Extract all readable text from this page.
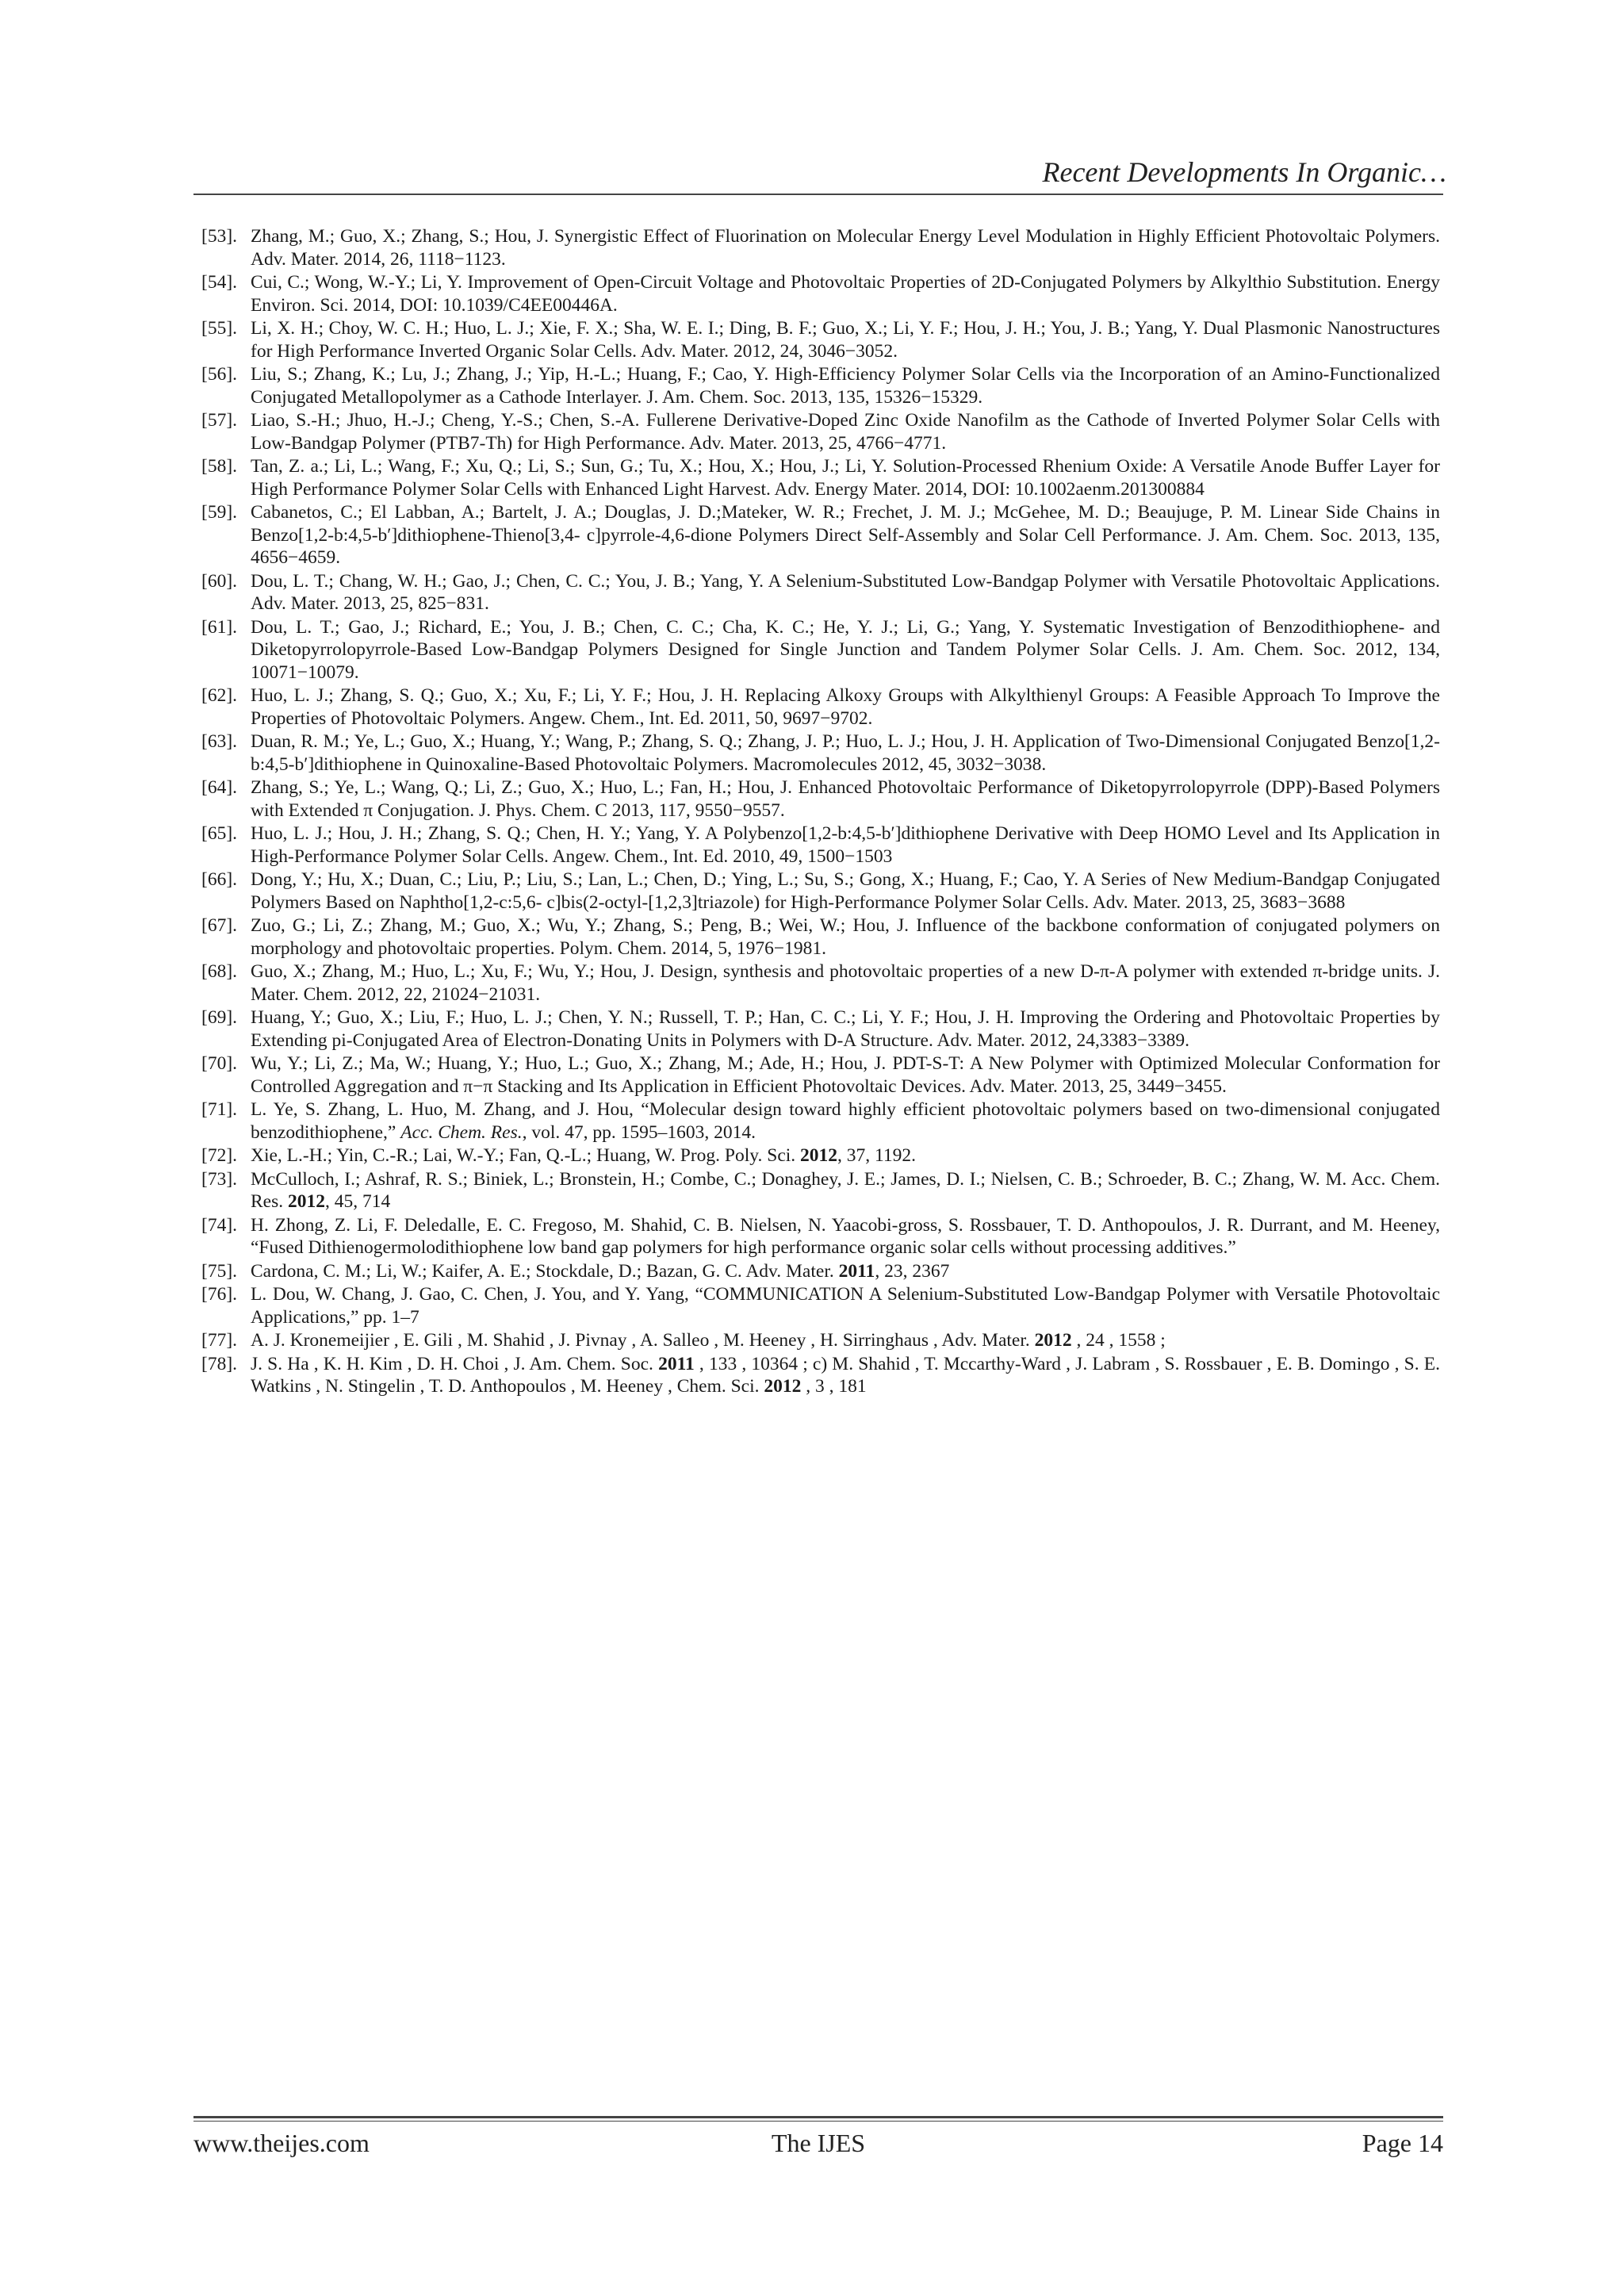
Recent Developments In Organic…
[53]. Zhang, M.; Guo, X.; Zhang, S.; Hou, J. Synergistic Effect of Fluorination on Molecular Energy Level Modulation in Highly Efficient Photovoltaic Polymers. Adv. Mater. 2014, 26, 1118−1123.
[54]. Cui, C.; Wong, W.-Y.; Li, Y. Improvement of Open-Circuit Voltage and Photovoltaic Properties of 2D-Conjugated Polymers by Alkylthio Substitution. Energy Environ. Sci. 2014, DOI: 10.1039/C4EE00446A.
[55]. Li, X. H.; Choy, W. C. H.; Huo, L. J.; Xie, F. X.; Sha, W. E. I.; Ding, B. F.; Guo, X.; Li, Y. F.; Hou, J. H.; You, J. B.; Yang, Y. Dual Plasmonic Nanostructures for High Performance Inverted Organic Solar Cells. Adv. Mater. 2012, 24, 3046−3052.
[56]. Liu, S.; Zhang, K.; Lu, J.; Zhang, J.; Yip, H.-L.; Huang, F.; Cao, Y. High-Efficiency Polymer Solar Cells via the Incorporation of an Amino-Functionalized Conjugated Metallopolymer as a Cathode Interlayer. J. Am. Chem. Soc. 2013, 135, 15326−15329.
[57]. Liao, S.-H.; Jhuo, H.-J.; Cheng, Y.-S.; Chen, S.-A. Fullerene Derivative-Doped Zinc Oxide Nanofilm as the Cathode of Inverted Polymer Solar Cells with Low-Bandgap Polymer (PTB7-Th) for High Performance. Adv. Mater. 2013, 25, 4766−4771.
[58]. Tan, Z. a.; Li, L.; Wang, F.; Xu, Q.; Li, S.; Sun, G.; Tu, X.; Hou, X.; Hou, J.; Li, Y. Solution-Processed Rhenium Oxide: A Versatile Anode Buffer Layer for High Performance Polymer Solar Cells with Enhanced Light Harvest. Adv. Energy Mater. 2014, DOI: 10.1002aenm.201300884
[59]. Cabanetos, C.; El Labban, A.; Bartelt, J. A.; Douglas, J. D.;Mateker, W. R.; Frechet, J. M. J.; McGehee, M. D.; Beaujuge, P. M. Linear Side Chains in Benzo[1,2-b:4,5-b′]dithiophene-Thieno[3,4- c]pyrrole-4,6-dione Polymers Direct Self-Assembly and Solar Cell Performance. J. Am. Chem. Soc. 2013, 135, 4656−4659.
[60]. Dou, L. T.; Chang, W. H.; Gao, J.; Chen, C. C.; You, J. B.; Yang, Y. A Selenium-Substituted Low-Bandgap Polymer with Versatile Photovoltaic Applications. Adv. Mater. 2013, 25, 825−831.
[61]. Dou, L. T.; Gao, J.; Richard, E.; You, J. B.; Chen, C. C.; Cha, K. C.; He, Y. J.; Li, G.; Yang, Y. Systematic Investigation of Benzodithiophene- and Diketopyrrolopyrrole-Based Low-Bandgap Polymers Designed for Single Junction and Tandem Polymer Solar Cells. J. Am. Chem. Soc. 2012, 134, 10071−10079.
[62]. Huo, L. J.; Zhang, S. Q.; Guo, X.; Xu, F.; Li, Y. F.; Hou, J. H. Replacing Alkoxy Groups with Alkylthienyl Groups: A Feasible Approach To Improve the Properties of Photovoltaic Polymers. Angew. Chem., Int. Ed. 2011, 50, 9697−9702.
[63]. Duan, R. M.; Ye, L.; Guo, X.; Huang, Y.; Wang, P.; Zhang, S. Q.; Zhang, J. P.; Huo, L. J.; Hou, J. H. Application of Two-Dimensional Conjugated Benzo[1,2-b:4,5-b′]dithiophene in Quinoxaline-Based Photovoltaic Polymers. Macromolecules 2012, 45, 3032−3038.
[64]. Zhang, S.; Ye, L.; Wang, Q.; Li, Z.; Guo, X.; Huo, L.; Fan, H.; Hou, J. Enhanced Photovoltaic Performance of Diketopyrrolopyrrole (DPP)-Based Polymers with Extended π Conjugation. J. Phys. Chem. C 2013, 117, 9550−9557.
[65]. Huo, L. J.; Hou, J. H.; Zhang, S. Q.; Chen, H. Y.; Yang, Y. A Polybenzo[1,2-b:4,5-b′]dithiophene Derivative with Deep HOMO Level and Its Application in High-Performance Polymer Solar Cells. Angew. Chem., Int. Ed. 2010, 49, 1500−1503
[66]. Dong, Y.; Hu, X.; Duan, C.; Liu, P.; Liu, S.; Lan, L.; Chen, D.; Ying, L.; Su, S.; Gong, X.; Huang, F.; Cao, Y. A Series of New Medium-Bandgap Conjugated Polymers Based on Naphtho[1,2-c:5,6- c]bis(2-octyl-[1,2,3]triazole) for High-Performance Polymer Solar Cells. Adv. Mater. 2013, 25, 3683−3688
[67]. Zuo, G.; Li, Z.; Zhang, M.; Guo, X.; Wu, Y.; Zhang, S.; Peng, B.; Wei, W.; Hou, J. Influence of the backbone conformation of conjugated polymers on morphology and photovoltaic properties. Polym. Chem. 2014, 5, 1976−1981.
[68]. Guo, X.; Zhang, M.; Huo, L.; Xu, F.; Wu, Y.; Hou, J. Design, synthesis and photovoltaic properties of a new D-π-A polymer with extended π-bridge units. J. Mater. Chem. 2012, 22, 21024−21031.
[69]. Huang, Y.; Guo, X.; Liu, F.; Huo, L. J.; Chen, Y. N.; Russell, T. P.; Han, C. C.; Li, Y. F.; Hou, J. H. Improving the Ordering and Photovoltaic Properties by Extending pi-Conjugated Area of Electron-Donating Units in Polymers with D-A Structure. Adv. Mater. 2012, 24,3383−3389.
[70]. Wu, Y.; Li, Z.; Ma, W.; Huang, Y.; Huo, L.; Guo, X.; Zhang, M.; Ade, H.; Hou, J. PDT-S-T: A New Polymer with Optimized Molecular Conformation for Controlled Aggregation and π−π Stacking and Its Application in Efficient Photovoltaic Devices. Adv. Mater. 2013, 25, 3449−3455.
[71]. L. Ye, S. Zhang, L. Huo, M. Zhang, and J. Hou, “Molecular design toward highly efficient photovoltaic polymers based on two-dimensional conjugated benzodithiophene,” Acc. Chem. Res., vol. 47, pp. 1595–1603, 2014.
[72]. Xie, L.-H.; Yin, C.-R.; Lai, W.-Y.; Fan, Q.-L.; Huang, W. Prog. Poly. Sci. 2012, 37, 1192.
[73]. McCulloch, I.; Ashraf, R. S.; Biniek, L.; Bronstein, H.; Combe, C.; Donaghey, J. E.; James, D. I.; Nielsen, C. B.; Schroeder, B. C.; Zhang, W. M. Acc. Chem. Res. 2012, 45, 714
[74]. H. Zhong, Z. Li, F. Deledalle, E. C. Fregoso, M. Shahid, C. B. Nielsen, N. Yaacobi-gross, S. Rossbauer, T. D. Anthopoulos, J. R. Durrant, and M. Heeney, “Fused Dithienogermolodithiophene low band gap polymers for high performance organic solar cells without processing additives.”
[75]. Cardona, C. M.; Li, W.; Kaifer, A. E.; Stockdale, D.; Bazan, G. C. Adv. Mater. 2011, 23, 2367
[76]. L. Dou, W. Chang, J. Gao, C. Chen, J. You, and Y. Yang, “COMMUNICATION A Selenium-Substituted Low-Bandgap Polymer with Versatile Photovoltaic Applications,” pp. 1–7
[77]. A. J. Kronemeijier , E. Gili , M. Shahid , J. Pivnay , A. Salleo , M. Heeney , H. Sirringhaus , Adv. Mater. 2012 , 24 , 1558 ;
[78]. J. S. Ha , K. H. Kim , D. H. Choi , J. Am. Chem. Soc. 2011 , 133 , 10364 ; c) M. Shahid , T. Mccarthy-Ward , J. Labram , S. Rossbauer , E. B. Domingo , S. E. Watkins , N. Stingelin , T. D. Anthopoulos , M. Heeney , Chem. Sci. 2012 , 3 , 181
www.theijes.com	The IJES	Page 14
